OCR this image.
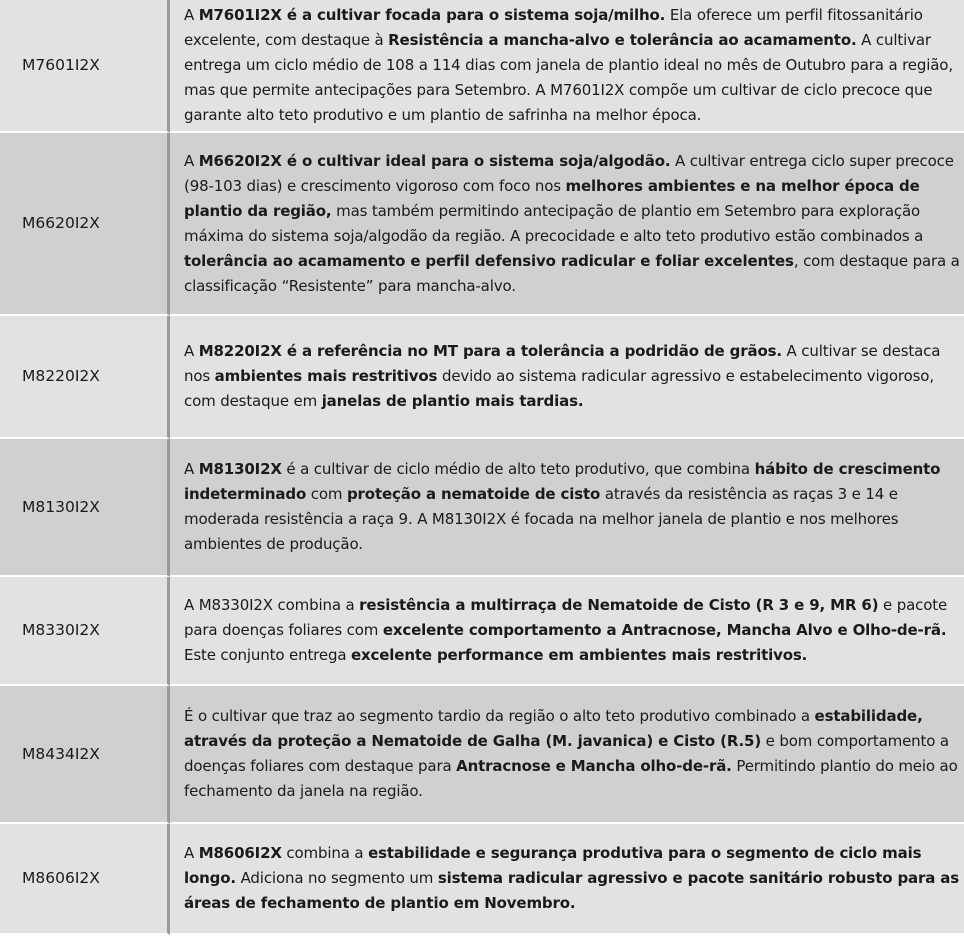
M7601I2X	A M7601I2X é a cultivar focada para o sistema soja/milho. Ela oferece um perfil fitossanitário excelente, com destaque à Resistência a mancha-alvo e tolerância ao acamamento. A cultivar entrega um ciclo médio de 108 a 114 dias com janela de plantio ideal no mês de Outubro para a região, mas que permite antecipações para Setembro. A M7601I2X compõe um cultivar de ciclo precoce que garante alto teto produtivo e um plantio de safrinha na melhor época.
M6620I2X	A M6620I2X é o cultivar ideal para o sistema soja/algodão. A cultivar entrega ciclo super precoce (98-103 dias) e crescimento vigoroso com foco nos melhores ambientes e na melhor época de plantio da região, mas também permitindo antecipação de plantio em Setembro para exploração máxima do sistema soja/algodão da região. A precocidade e alto teto produtivo estão combinados a tolerância ao acamamento e perfil defensivo radicular e foliar excelentes, com destaque para a classificação “Resistente” para mancha-alvo.
M8220I2X	A M8220I2X é a referência no MT para a tolerância a podridão de grãos. A cultivar se destaca nos ambientes mais restritivos devido ao sistema radicular agressivo e estabelecimento vigoroso, com destaque em janelas de plantio mais tardias.
M8130I2X	A M8130I2X é a cultivar de ciclo médio de alto teto produtivo, que combina hábito de crescimento indeterminado com proteção a nematoide de cisto através da resistência as raças 3 e 14 e moderada resistência a raça 9. A M8130I2X é focada na melhor janela de plantio e nos melhores ambientes de produção.
M8330I2X	A M8330I2X combina a resistência a multirraça de Nematoide de Cisto (R 3 e 9, MR 6) e pacote para doenças foliares com excelente comportamento a Antracnose, Mancha Alvo e Olho-de-rã. Este conjunto entrega excelente performance em ambientes mais restritivos.
M8434I2X	É o cultivar que traz ao segmento tardio da região o alto teto produtivo combinado a estabilidade, através da proteção a Nematoide de Galha (M. javanica) e Cisto (R.5) e bom comportamento a doenças foliares com destaque para Antracnose e Mancha olho-de-rã. Permitindo plantio do meio ao fechamento da janela na região.
M8606I2X	A M8606I2X combina a estabilidade e segurança produtiva para o segmento de ciclo mais longo. Adiciona no segmento um sistema radicular agressivo e pacote sanitário robusto para as áreas de fechamento de plantio em Novembro.
